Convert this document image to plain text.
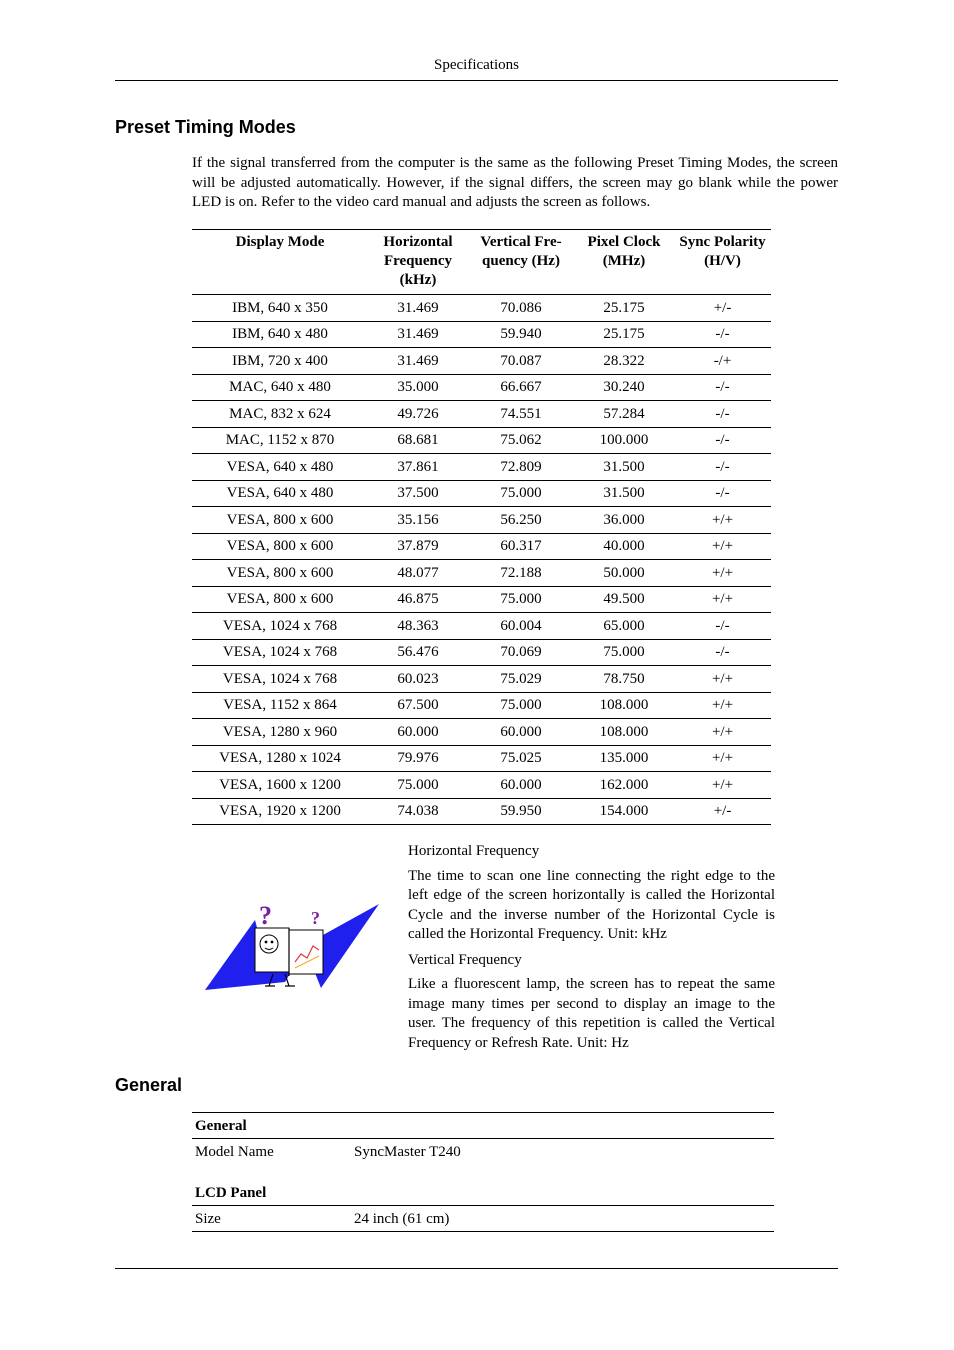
Specifications
Preset Timing Modes

If the signal transferred from the computer is the same as the following Preset Timing Modes, the screen will be adjusted automatically. However, if the signal differs, the screen may go blank while the power LED is on. Refer to the video card manual and adjusts the screen as follows.

Display Mode	Horizontal Frequency (kHz)	Vertical Fre- quency (Hz)	Pixel Clock (MHz)	Sync Polarity (H/V)
IBM, 640 x 350	31.469	70.086	25.175	+/-
IBM, 640 x 480	31.469	59.940	25.175	-/-
IBM, 720 x 400	31.469	70.087	28.322	-/+
MAC, 640 x 480	35.000	66.667	30.240	-/-
MAC, 832 x 624	49.726	74.551	57.284	-/-
MAC, 1152 x 870	68.681	75.062	100.000	-/-
VESA, 640 x 480	37.861	72.809	31.500	-/-
VESA, 640 x 480	37.500	75.000	31.500	-/-
VESA, 800 x 600	35.156	56.250	36.000	+/+
VESA, 800 x 600	37.879	60.317	40.000	+/+
VESA, 800 x 600	48.077	72.188	50.000	+/+
VESA, 800 x 600	46.875	75.000	49.500	+/+
VESA, 1024 x 768	48.363	60.004	65.000	-/-
VESA, 1024 x 768	56.476	70.069	75.000	-/-
VESA, 1024 x 768	60.023	75.029	78.750	+/+
VESA, 1152 x 864	67.500	75.000	108.000	+/+
VESA, 1280 x 960	60.000	60.000	108.000	+/+
VESA, 1280 x 1024	79.976	75.025	135.000	+/+
VESA, 1600 x 1200	75.000	60.000	162.000	+/+
VESA, 1920 x 1200	74.038	59.950	154.000	+/-
? ?

Horizontal Frequency

The time to scan one line connecting the right edge to the left edge of the screen horizontally is called the Horizontal Cycle and the inverse number of the Horizontal Cycle is called the Horizontal Frequency. Unit: kHz

Vertical Frequency

Like a fluorescent lamp, the screen has to repeat the same image many times per second to display an image to the user. The frequency of this repetition is called the Vertical Frequency or Refresh Rate. Unit: Hz

General
General	
Model Name	SyncMaster T240

LCD Panel	
Size	24 inch (61 cm)
